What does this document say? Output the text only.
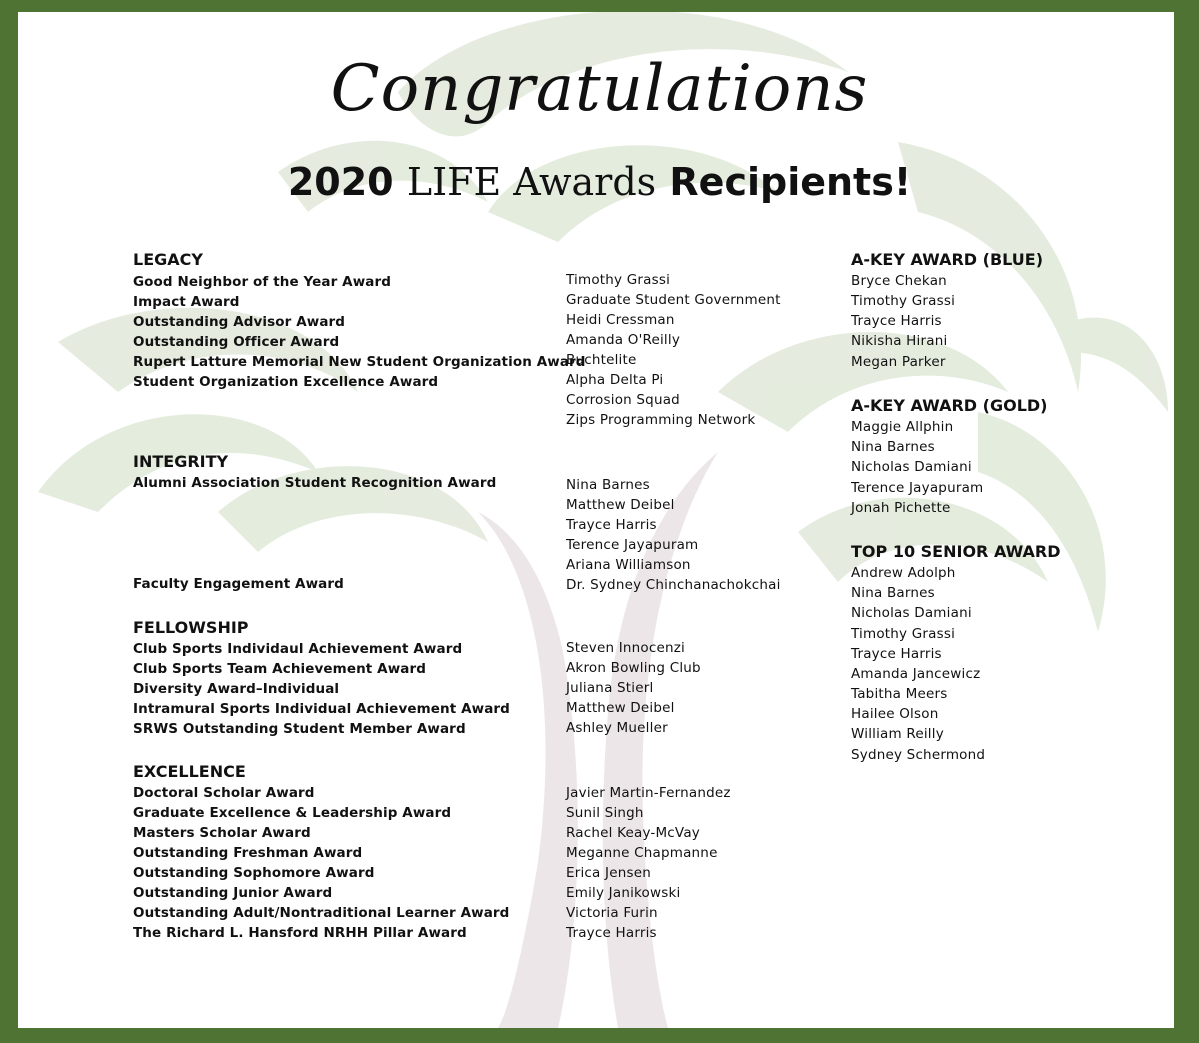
Congratulations
2020 LIFE Awards Recipients!
LEGACY
Good Neighbor of the Year Award
Impact Award
Outstanding Advisor Award
Outstanding Officer Award
Rupert Latture Memorial New Student Organization Award
Student Organization Excellence Award
Timothy Grassi
Graduate Student Government
Heidi Cressman
Amanda O'Reilly
Buchtelite
Alpha Delta Pi
Corrosion Squad
Zips Programming Network
INTEGRITY
Alumni Association Student Recognition Award
Faculty Engagement Award
Nina Barnes
Matthew Deibel
Trayce Harris
Terence Jayapuram
Ariana Williamson
Dr. Sydney Chinchanachokchai
FELLOWSHIP
Club Sports Individaul Achievement Award
Club Sports Team Achievement Award
Diversity Award–Individual
Intramural Sports Individual Achievement Award
SRWS Outstanding Student Member Award
Steven Innocenzi
Akron Bowling Club
Juliana Stierl
Matthew Deibel
Ashley Mueller
EXCELLENCE
Doctoral Scholar Award
Graduate Excellence & Leadership Award
Masters Scholar Award
Outstanding Freshman Award
Outstanding Sophomore Award
Outstanding Junior Award
Outstanding Adult/Nontraditional Learner Award
The Richard L. Hansford NRHH Pillar Award
Javier Martin-Fernandez
Sunil Singh
Rachel Keay-McVay
Meganne Chapmanne
Erica Jensen
Emily Janikowski
Victoria Furin
Trayce Harris
A-KEY AWARD (BLUE)
Bryce Chekan
Timothy Grassi
Trayce Harris
Nikisha Hirani
Megan Parker
A-KEY AWARD (GOLD)
Maggie Allphin
Nina Barnes
Nicholas Damiani
Terence Jayapuram
Jonah Pichette
TOP 10 SENIOR AWARD
Andrew Adolph
Nina Barnes
Nicholas Damiani
Timothy Grassi
Trayce Harris
Amanda Jancewicz
Tabitha Meers
Hailee Olson
William Reilly
Sydney Schermond
